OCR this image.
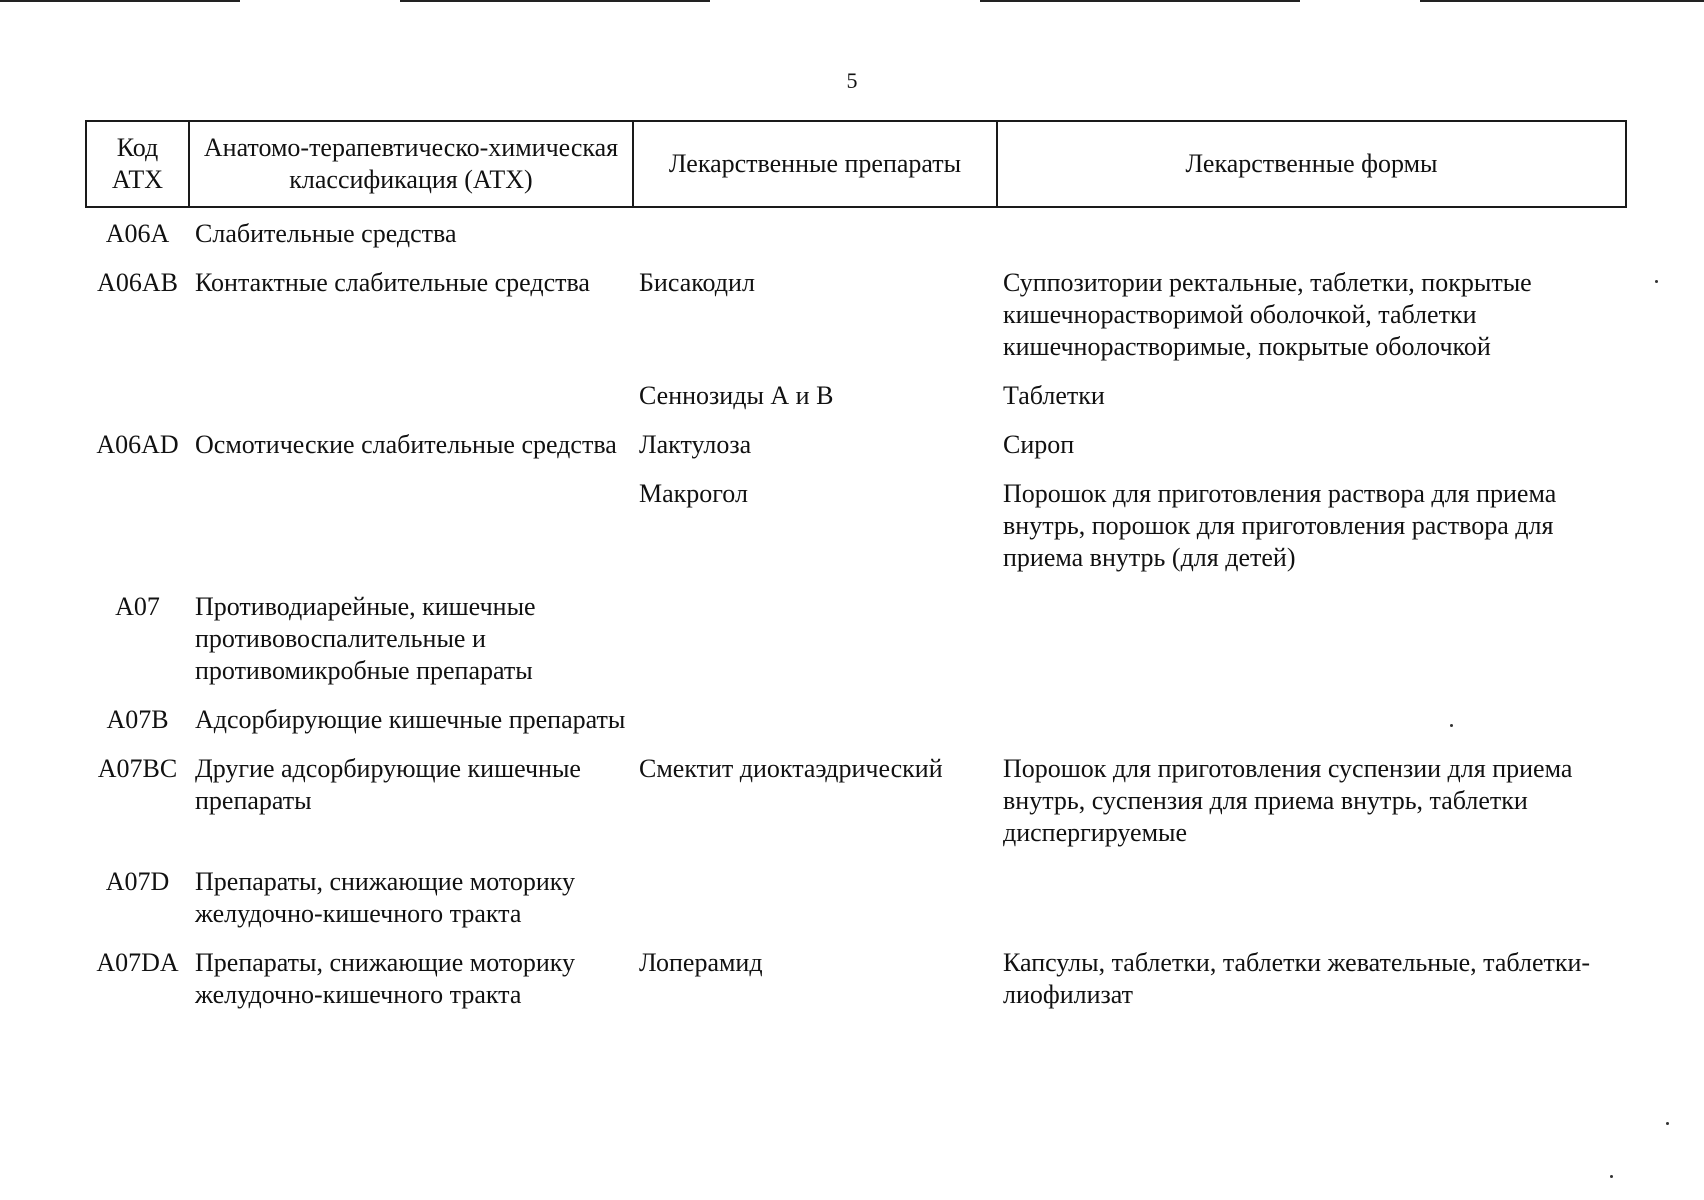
5
Код АТХ	Анатомо-терапевтическо-химическая классификация (АТХ)	Лекарственные препараты	Лекарственные формы
A06A	Слабительные средства		
A06AB	Контактные слабительные средства	Бисакодил	Суппозитории ректальные, таблетки, покрытые кишечнорастворимой оболочкой, таблетки кишечнорастворимые, покрытые оболочкой
		Сеннозиды А и В	Таблетки
A06AD	Осмотические слабительные средства	Лактулоза	Сироп
		Макрогол	Порошок для приготовления раствора для приема внутрь, порошок для приготовления раствора для приема внутрь (для детей)
A07	Противодиарейные, кишечные противовоспалительные и противомикробные препараты		
A07B	Адсорбирующие кишечные препараты		
A07BC	Другие адсорбирующие кишечные препараты	Смектит диоктаэдрический	Порошок для приготовления суспензии для приема внутрь, суспензия для приема внутрь, таблетки диспергируемые
A07D	Препараты, снижающие моторику желудочно-кишечного тракта		
A07DA	Препараты, снижающие моторику желудочно-кишечного тракта	Лоперамид	Капсулы, таблетки, таблетки жевательные, таблетки-лиофилизат
